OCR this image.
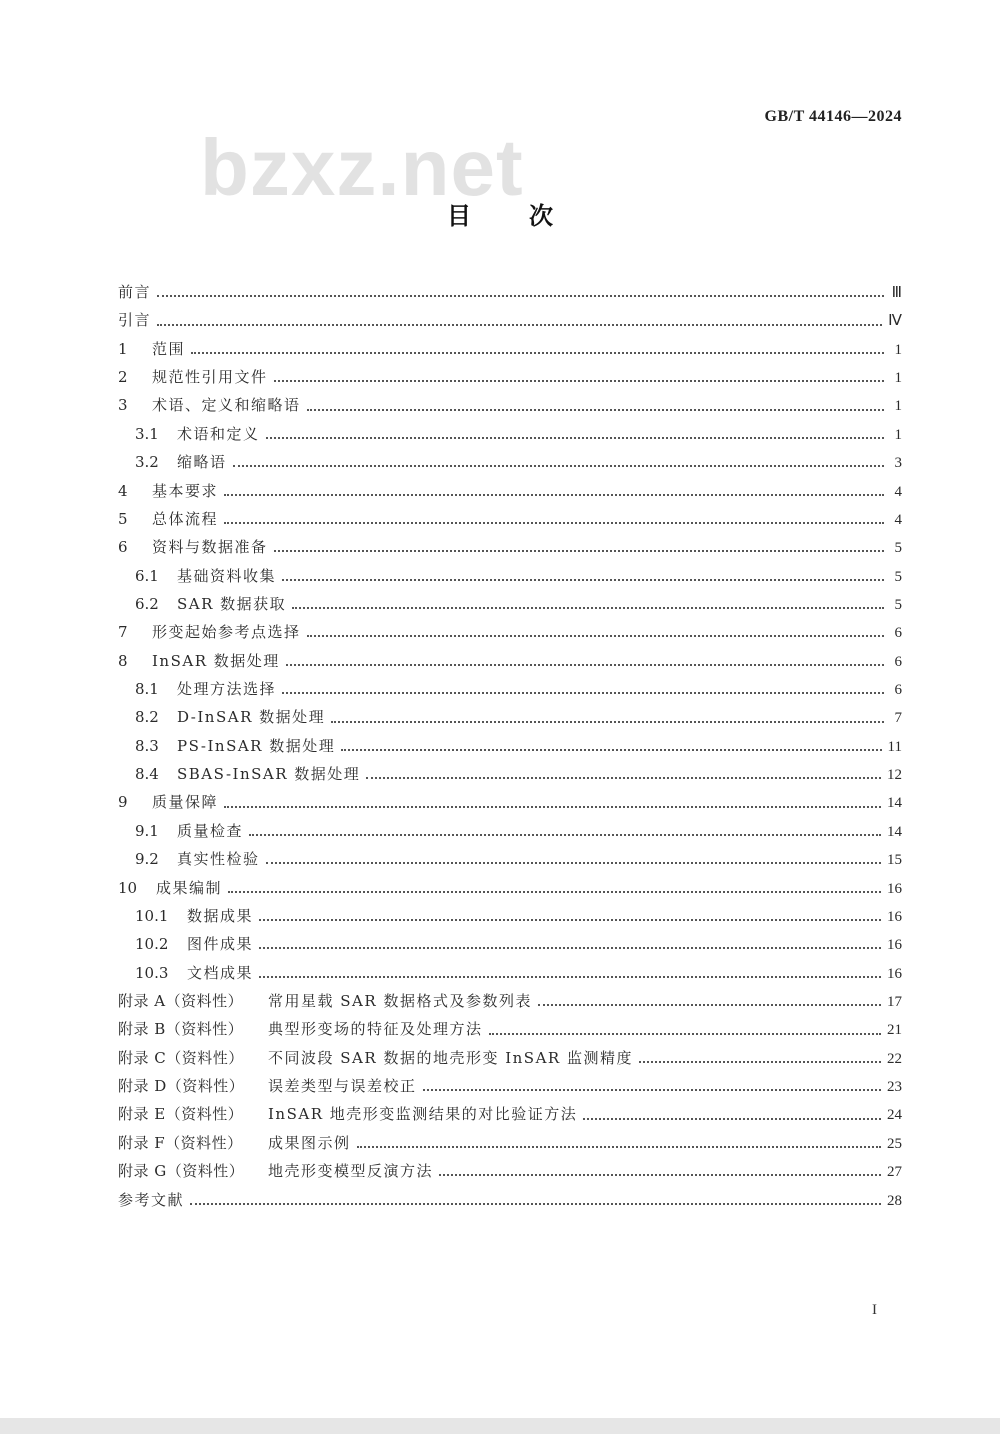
GB/T 44146—2024
bzxz.net
目次
前言	Ⅲ
引言	Ⅳ
1	范围	1
2	规范性引用文件	1
3	术语、定义和缩略语	1
3.1	术语和定义	1
3.2	缩略语	3
4	基本要求	4
5	总体流程	4
6	资料与数据准备	5
6.1	基础资料收集	5
6.2	SAR 数据获取	5
7	形变起始参考点选择	6
8	InSAR 数据处理	6
8.1	处理方法选择	6
8.2	D-InSAR 数据处理	7
8.3	PS-InSAR 数据处理	11
8.4	SBAS-InSAR 数据处理	12
9	质量保障	14
9.1	质量检查	14
9.2	真实性检验	15
10	成果编制	16
10.1	数据成果	16
10.2	图件成果	16
10.3	文档成果	16
附录 A（资料性）	常用星载 SAR 数据格式及参数列表	17
附录 B（资料性）	典型形变场的特征及处理方法	21
附录 C（资料性）	不同波段 SAR 数据的地壳形变 InSAR 监测精度	22
附录 D（资料性）	误差类型与误差校正	23
附录 E（资料性）	InSAR 地壳形变监测结果的对比验证方法	24
附录 F（资料性）	成果图示例	25
附录 G（资料性）	地壳形变模型反演方法	27
参考文献	28
I
